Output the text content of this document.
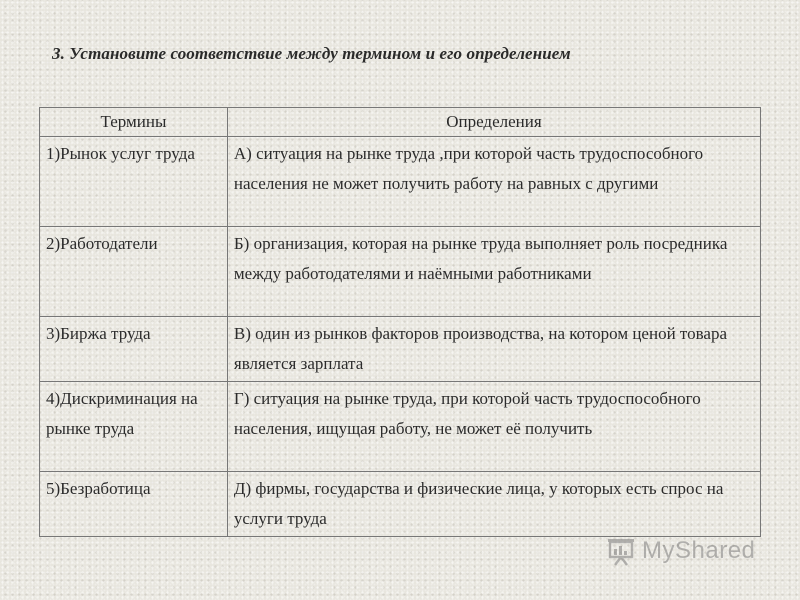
3. Установите соответствие между термином и его определением
Термины	Определения
1)Рынок услуг труда	А) ситуация на рынке труда ,при которой часть трудоспособного населения не может получить работу на равных с другими
2)Работодатели	Б) организация, которая на рынке труда выполняет роль посредника между работодателями и наёмными работниками
3)Биржа труда	В) один из рынков факторов производства, на котором ценой товара является зарплата
4)Дискриминация на рынке труда	Г) ситуация на рынке труда, при которой часть трудоспособного населения, ищущая работу, не может её получить
5)Безработица	Д) фирмы, государства и физические лица, у которых есть спрос на услуги труда
MyShared
